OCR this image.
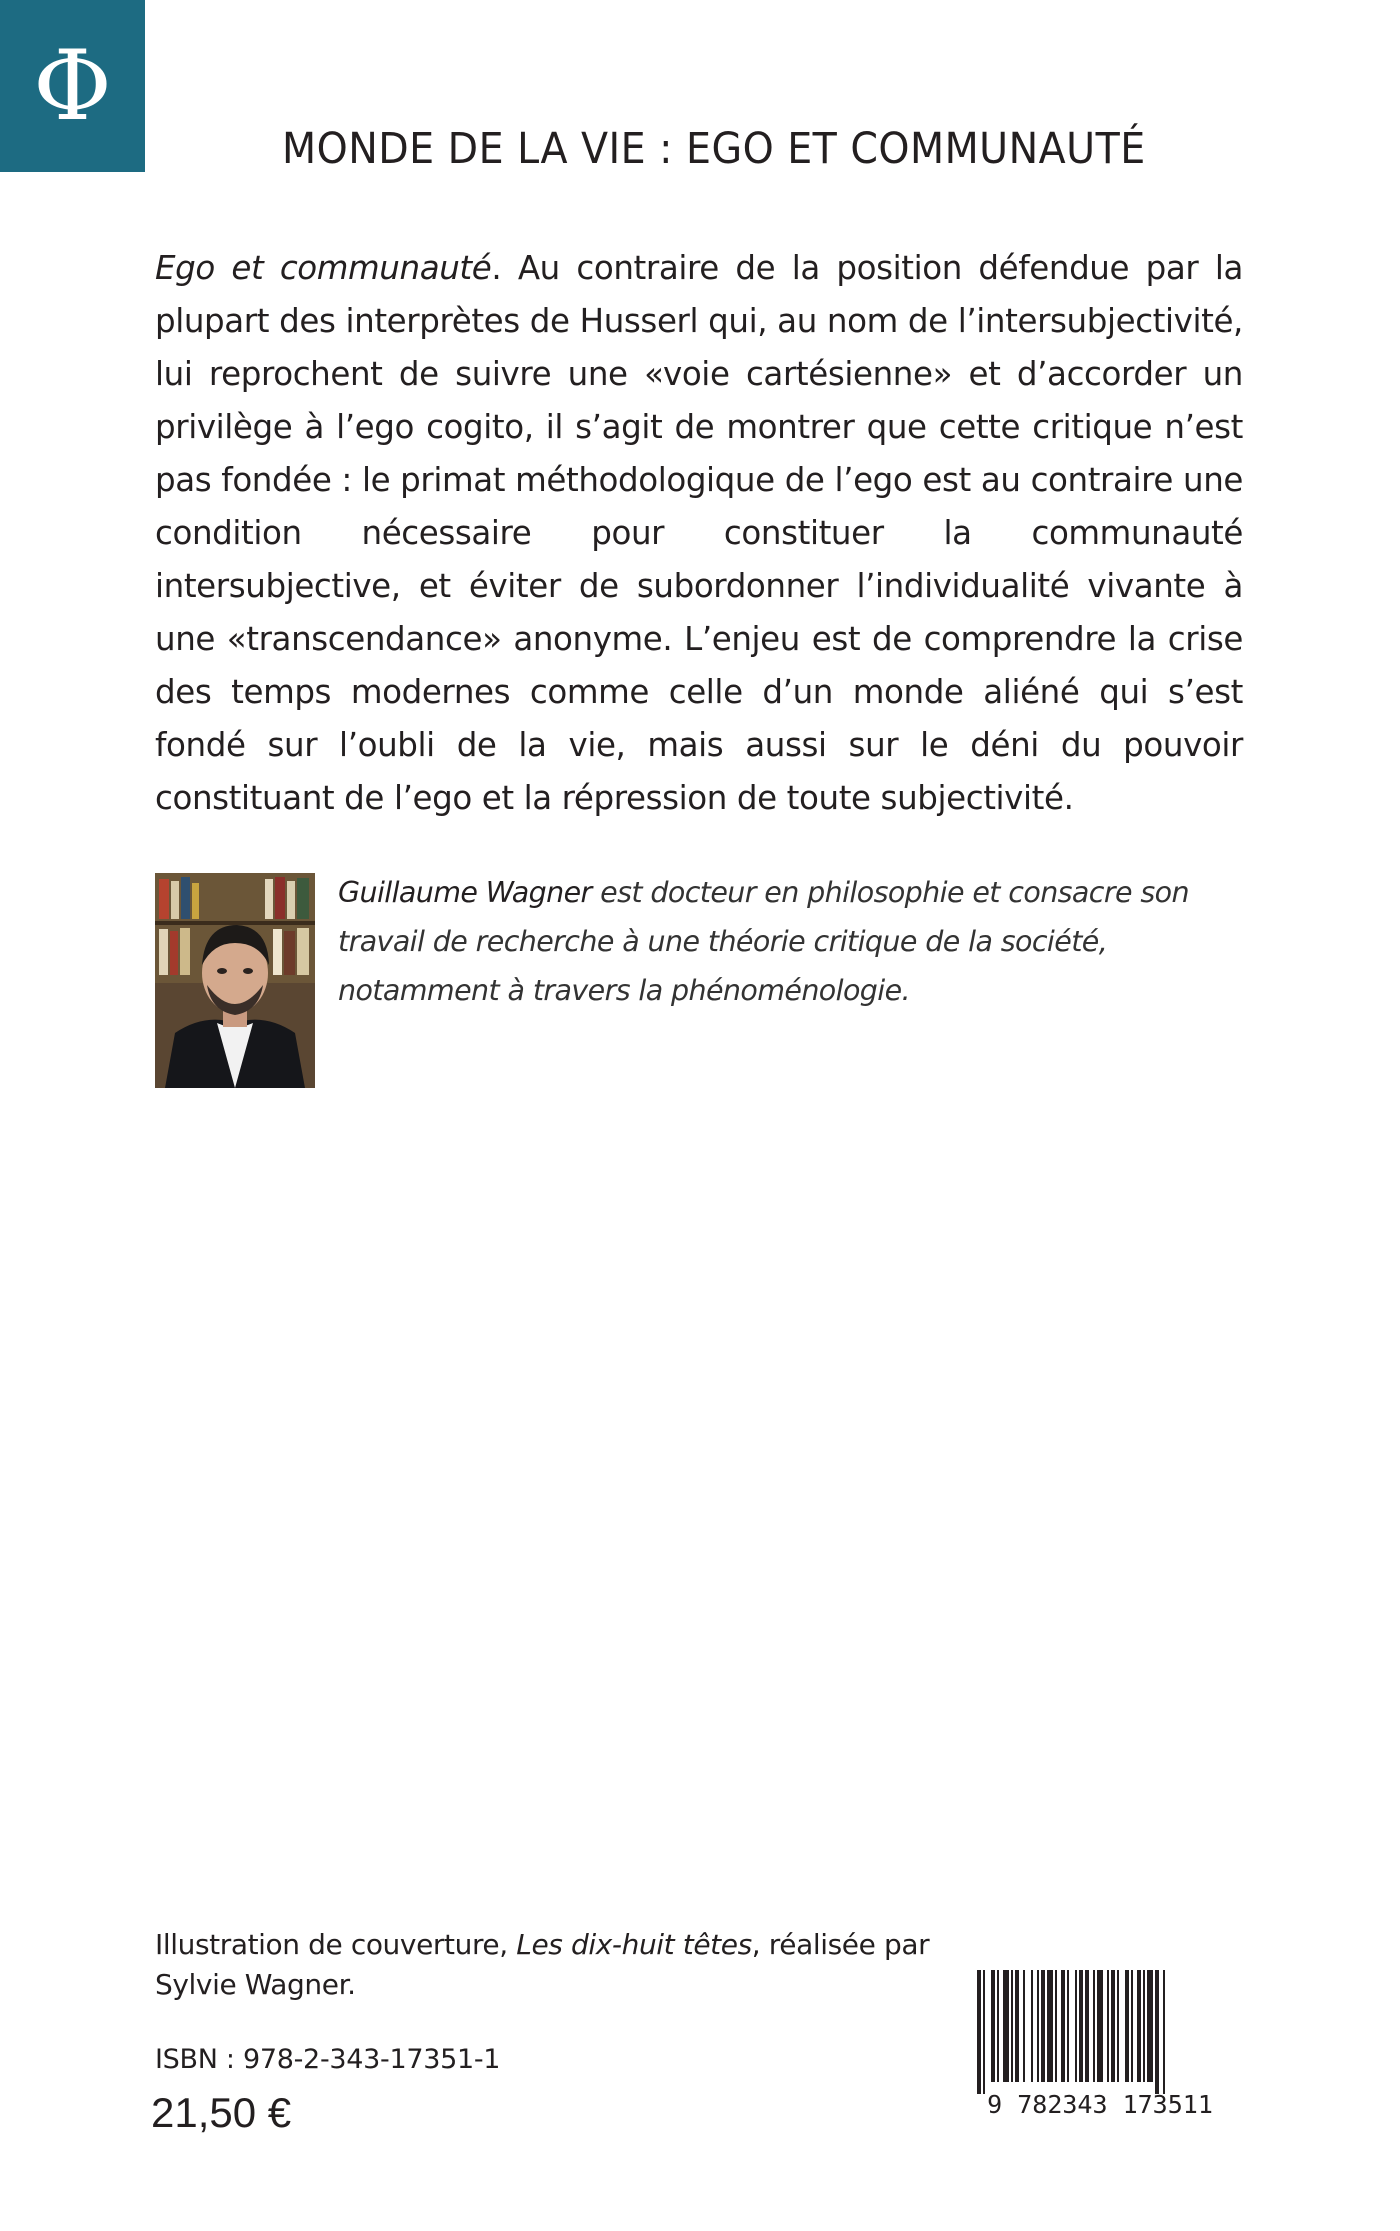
Φ
MONDE DE LA VIE : EGO ET COMMUNAUTÉ

Ego et communauté. Au contraire de la position défendue par la plupart des interprètes de Husserl qui, au nom de l’intersubjectivité, lui reprochent de suivre une «voie cartésienne» et d’accorder un privilège à l’ego cogito, il s’agit de montrer que cette critique n’est pas fondée : le primat méthodologique de l’ego est au contraire une condition nécessaire pour constituer la communauté intersubjective, et éviter de subordonner l’individualité vivante à une «transcendance» anonyme. L’enjeu est de comprendre la crise des temps modernes comme celle d’un monde aliéné qui s’est fondé sur l’oubli de la vie, mais aussi sur le déni du pouvoir constituant de l’ego et la répression de toute subjectivité.

Guillaume Wagner est docteur en philosophie et consacre son travail de recherche à une théorie critique de la société, notamment à travers la phénoménologie.

Illustration de couverture, Les dix-huit têtes, réalisée par Sylvie Wagner.

ISBN : 978-2-343-17351-1
21,50 €	9 782343 173511
